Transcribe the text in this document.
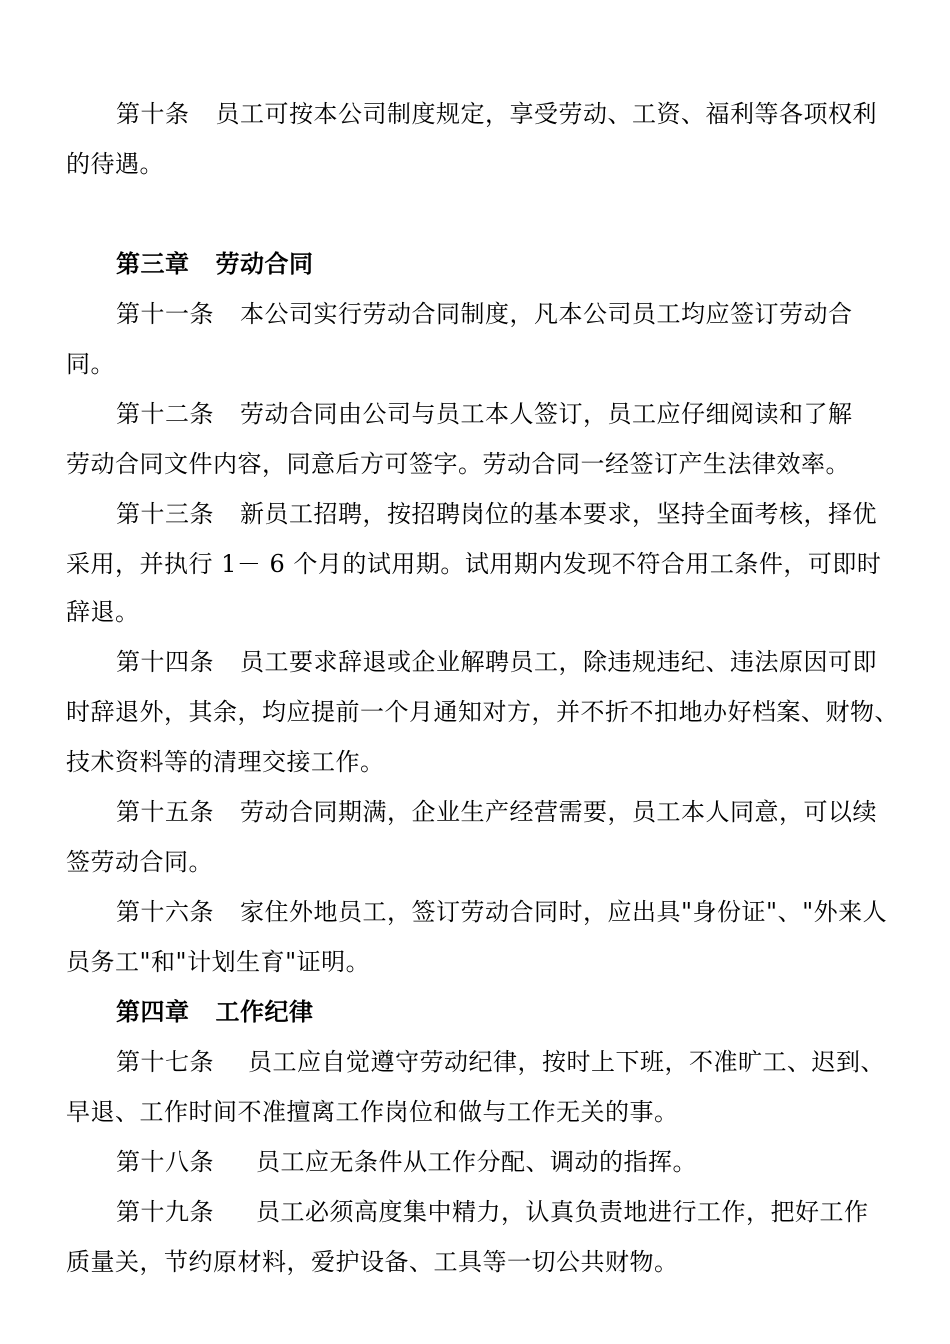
第十条 员工可按本公司制度规定，享受劳动、工资、福利等各项权利
的待遇。
第三章 劳动合同
第十一条 本公司实行劳动合同制度，凡本公司员工均应签订劳动合
同。
第十二条 劳动合同由公司与员工本人签订，员工应仔细阅读和了解
劳动合同文件内容，同意后方可签字。劳动合同一经签订产生法律效率。
第十三条 新员工招聘，按招聘岗位的基本要求，坚持全面考核，择优
采用，并执行 1－ 6 个月的试用期。试用期内发现不符合用工条件，可即时
辞退。
第十四条 员工要求辞退或企业解聘员工，除违规违纪、违法原因可即
时辞退外，其余，均应提前一个月通知对方，并不折不扣地办好档案、财物、
技术资料等的清理交接工作。
第十五条 劳动合同期满，企业生产经营需要，员工本人同意，可以续
签劳动合同。
第十六条 家住外地员工，签订劳动合同时，应出具"身份证"、"外来人
员务工"和"计划生育"证明。
第四章 工作纪律
第十七条 员工应自觉遵守劳动纪律，按时上下班，不准旷工、迟到、
早退、工作时间不准擅离工作岗位和做与工作无关的事。
第十八条 员工应无条件从工作分配、调动的指挥。
第十九条 员工必须高度集中精力，认真负责地进行工作，把好工作
质量关，节约原材料，爱护设备、工具等一切公共财物。
